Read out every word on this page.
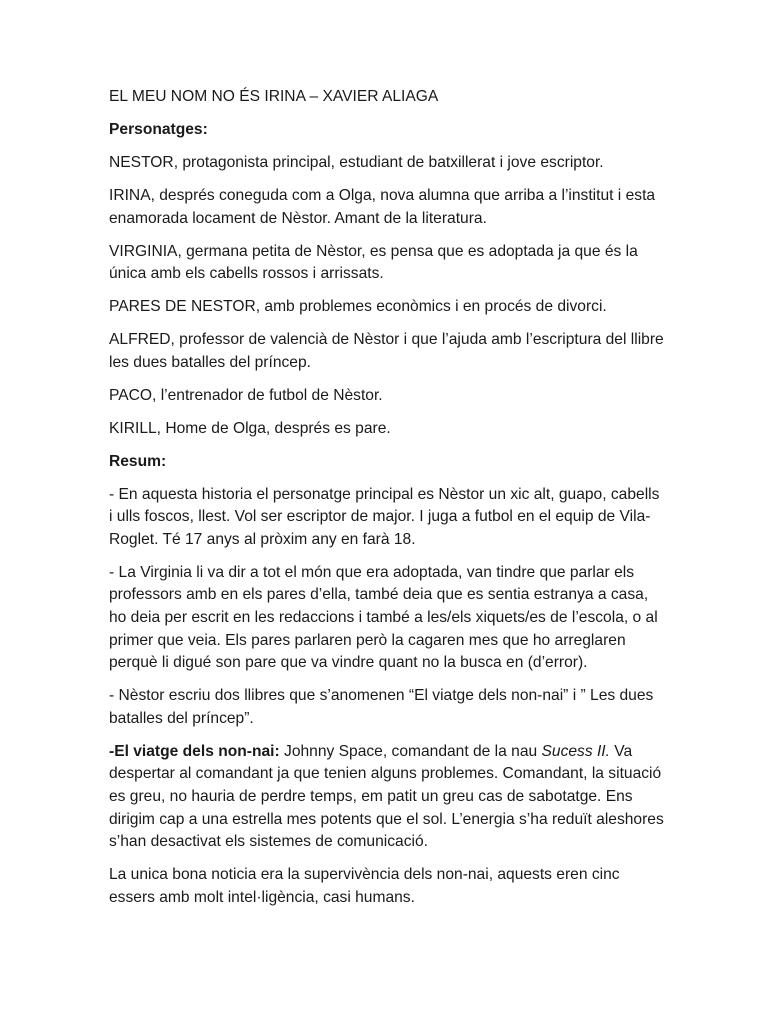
EL MEU NOM NO ÉS IRINA – XAVIER ALIAGA

Personatges:

NESTOR, protagonista principal, estudiant de batxillerat i jove escriptor.

IRINA, després coneguda com a Olga, nova alumna que arriba a l’institut i esta enamorada locament de Nèstor. Amant de la literatura.

VIRGINIA, germana petita de Nèstor, es pensa que es adoptada ja que és la única amb els cabells rossos i arrissats.

PARES DE NESTOR, amb problemes econòmics i en procés de divorci.

ALFRED, professor de valencià de Nèstor i que l’ajuda amb l’escriptura del llibre les dues batalles del príncep.

PACO, l’entrenador de futbol de Nèstor.

KIRILL, Home de Olga, després es pare.

Resum:

- En aquesta historia el personatge principal es Nèstor un xic alt, guapo, cabells i ulls foscos, llest. Vol ser escriptor de major. I juga a futbol en el equip de Vila-Roglet. Té 17 anys al pròxim any en farà 18.

- La Virginia li va dir a tot el món que era adoptada, van tindre que parlar els professors amb en els pares d’ella, també deia que es sentia estranya a casa, ho deia per escrit en les redaccions i també a les/els xiquets/es de l’escola, o al primer que veia. Els pares parlaren però la cagaren mes que ho arreglaren perquè li digué son pare que va vindre quant no la busca en (d’error).

- Nèstor escriu dos llibres que s’anomenen “El viatge dels non-nai” i ” Les dues batalles del príncep”.

-El viatge dels non-nai: Johnny Space, comandant de la nau Sucess II. Va despertar al comandant ja que tenien alguns problemes. Comandant, la situació es greu, no hauria de perdre temps, em patit un greu cas de sabotatge. Ens dirigim cap a una estrella mes potents que el sol. L’energia s’ha reduït aleshores s’han desactivat els sistemes de comunicació.

La unica bona noticia era la supervivència dels non-nai, aquests eren cinc essers amb molt intel·ligència, casi humans.
